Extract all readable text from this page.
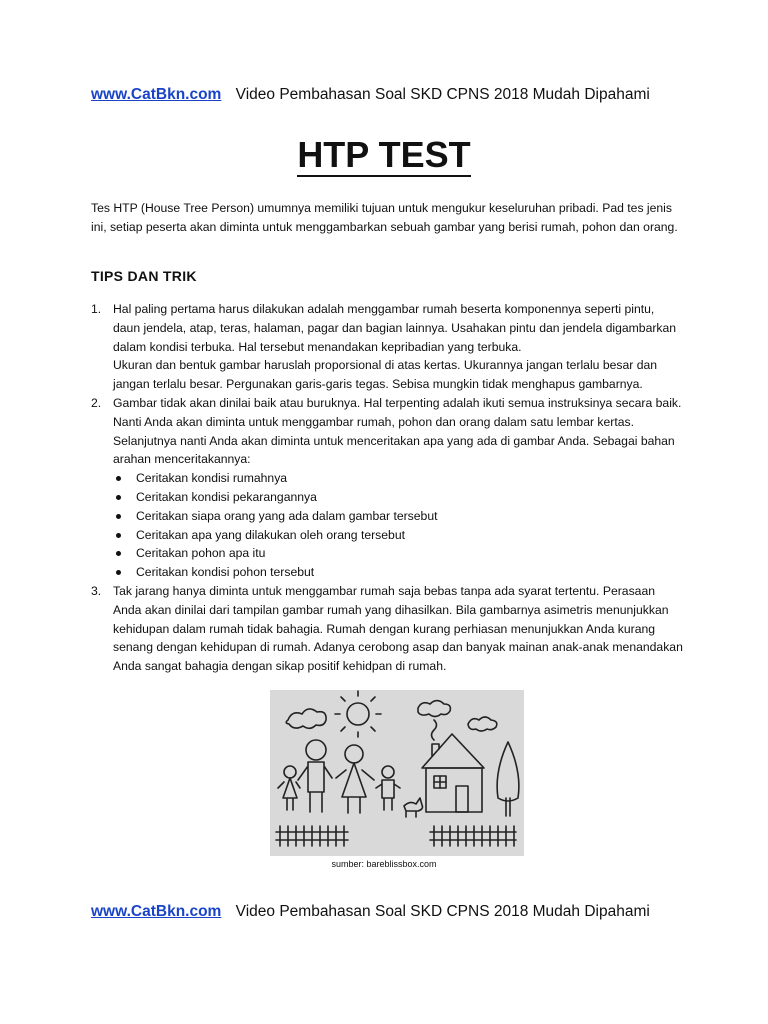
www.CatBkn.com Video Pembahasan Soal SKD CPNS 2018 Mudah Dipahami
HTP TEST

Tes HTP (House Tree Person) umumnya memiliki tujuan untuk mengukur keseluruhan pribadi. Pad tes jenis ini, setiap peserta akan diminta untuk menggambarkan sebuah gambar yang berisi rumah, pohon dan orang.

TIPS DAN TRIK
1. Hal paling pertama harus dilakukan adalah menggambar rumah beserta komponennya seperti pintu, daun jendela, atap, teras, halaman, pagar dan bagian lainnya. Usahakan pintu dan jendela digambarkan dalam kondisi terbuka. Hal tersebut menandakan kepribadian yang terbuka.

Ukuran dan bentuk gambar haruslah proporsional di atas kertas. Ukurannya jangan terlalu besar dan jangan terlalu besar. Pergunakan garis-garis tegas. Sebisa mungkin tidak menghapus gambarnya.

2. Gambar tidak akan dinilai baik atau buruknya. Hal terpenting adalah ikuti semua instruksinya secara baik. Nanti Anda akan diminta untuk menggambar rumah, pohon dan orang dalam satu lembar kertas.

Selanjutnya nanti Anda akan diminta untuk menceritakan apa yang ada di gambar Anda. Sebagai bahan arahan menceritakannya:

Ceritakan kondisi rumahnya
Ceritakan kondisi pekarangannya
Ceritakan siapa orang yang ada dalam gambar tersebut
Ceritakan apa yang dilakukan oleh orang tersebut
Ceritakan pohon apa itu
Ceritakan kondisi pohon tersebut
3. Tak jarang hanya diminta untuk menggambar rumah saja bebas tanpa ada syarat tertentu. Perasaan Anda akan dinilai dari tampilan gambar rumah yang dihasilkan. Bila gambarnya asimetris menunjukkan kehidupan dalam rumah tidak bahagia. Rumah dengan kurang perhiasan menunjukkan Anda kurang senang dengan kehidupan di rumah. Adanya cerobong asap dan banyak mainan anak-anak menandakan Anda sangat bahagia dengan sikap positif kehidpan di rumah.

sumber: bareblissbox.com

www.CatBkn.com Video Pembahasan Soal SKD CPNS 2018 Mudah Dipahami
